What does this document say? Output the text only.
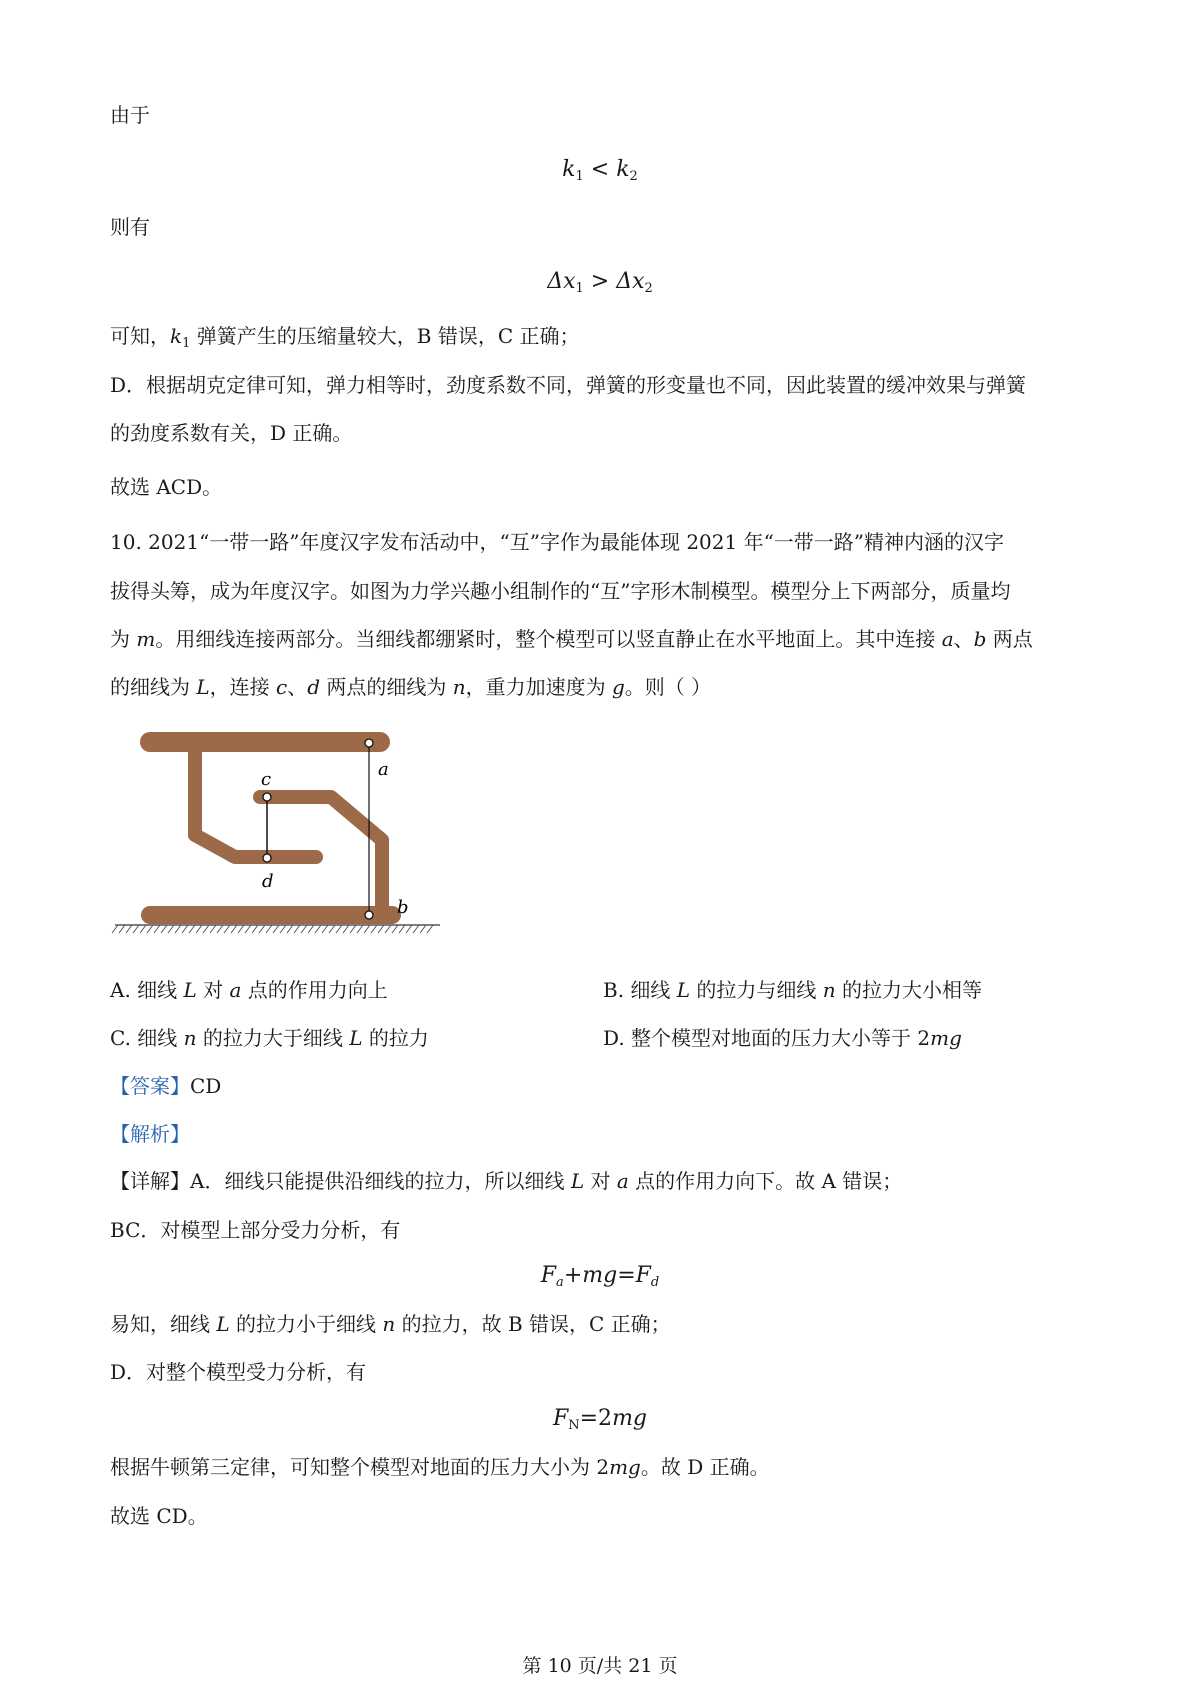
由于
$k_1 < k_2$
则有
$\Delta x_1 > \Delta x_2$
可知，$k_1$ 弹簧产生的压缩量较大，B 错误，C 正确；
D．根据胡克定律可知，弹力相等时，劲度系数不同，弹簧的形变量也不同，因此装置的缓冲效果与弹簧
的劲度系数有关，D 正确。
故选 ACD。
10. 2021“一带一路”年度汉字发布活动中，“互”字作为最能体现 2021 年“一带一路”精神内涵的汉字
拔得头筹，成为年度汉字。如图为力学兴趣小组制作的“互”字形木制模型。模型分上下两部分，质量均
为 m。用细线连接两部分。当细线都绷紧时，整个模型可以竖直静止在水平地面上。其中连接 a、b 两点
的细线为 L，连接 c、d 两点的细线为 n，重力加速度为 g。则（ ）
a
b
c
d
A. 细线 L 对 a 点的作用力向上	B. 细线 L 的拉力与细线 n 的拉力大小相等
C. 细线 n 的拉力大于细线 L 的拉力	D. 整个模型对地面的压力大小等于 2mg
【答案】CD
【解析】
【详解】A．细线只能提供沿细线的拉力，所以细线 L 对 a 点的作用力向下。故 A 错误；
BC．对模型上部分受力分析，有
$F_a+mg=F_d$
易知，细线 L 的拉力小于细线 n 的拉力，故 B 错误，C 正确；
D．对整个模型受力分析，有
$F_N=2mg$
根据牛顿第三定律，可知整个模型对地面的压力大小为 2mg。故 D 正确。
故选 CD。
第 10 页/共 21 页
